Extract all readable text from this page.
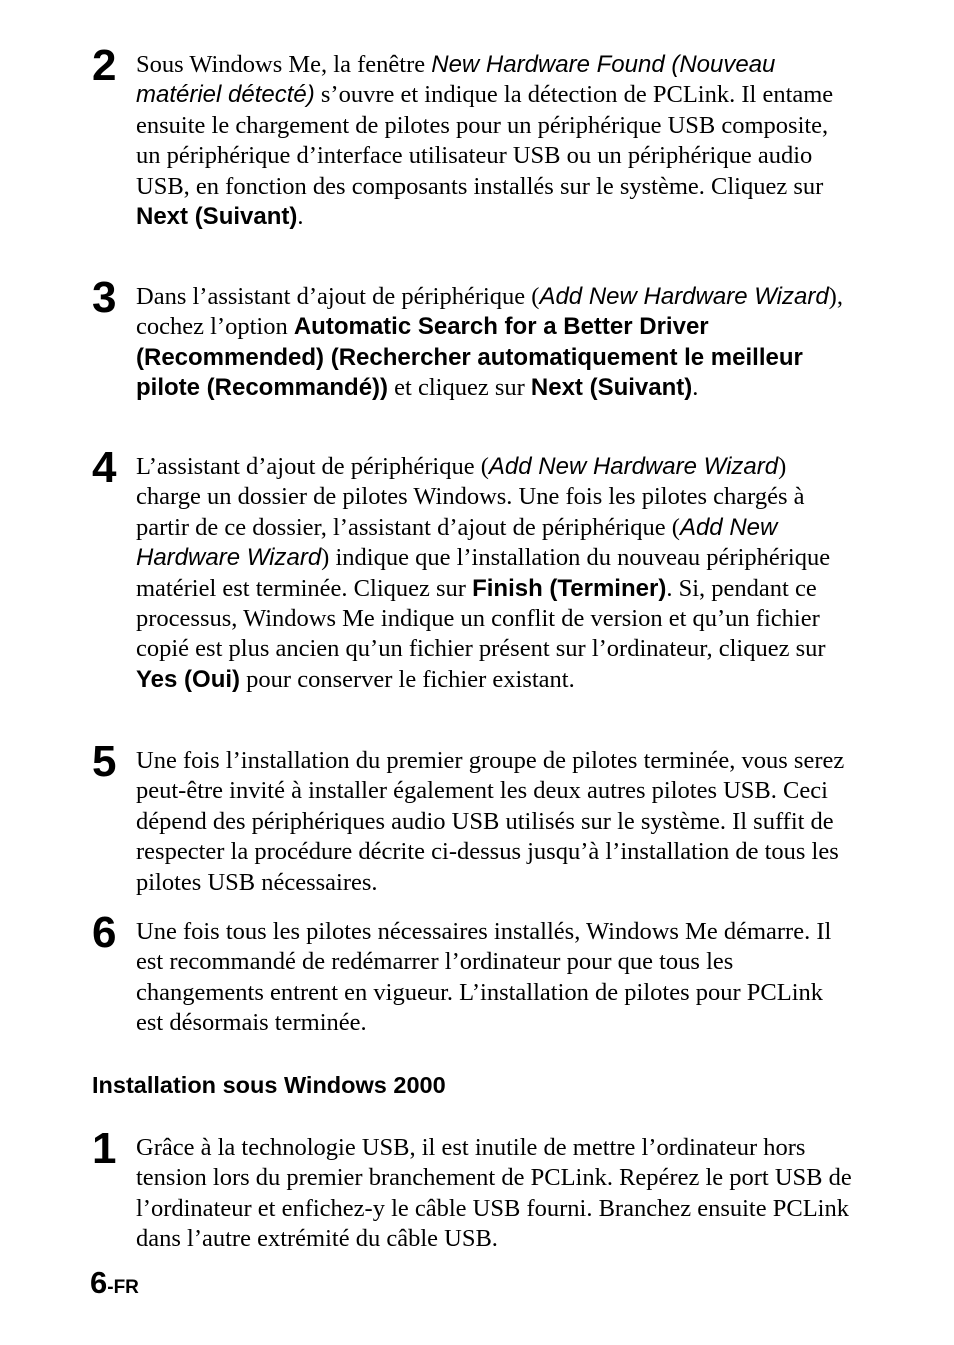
2 Sous Windows Me, la fenêtre New Hardware Found (Nouveau matériel détecté) s’ouvre et indique la détection de PCLink. Il entame ensuite le chargement de pilotes pour un périphérique USB composite, un périphérique d’interface utilisateur USB ou un périphérique audio USB, en fonction des composants installés sur le système. Cliquez sur Next (Suivant).
3 Dans l’assistant d’ajout de périphérique (Add New Hardware Wizard), cochez l’option Automatic Search for a Better Driver (Recommended) (Rechercher automatiquement le meilleur pilote (Recommandé)) et cliquez sur Next (Suivant).
4 L’assistant d’ajout de périphérique (Add New Hardware Wizard) charge un dossier de pilotes Windows. Une fois les pilotes chargés à partir de ce dossier, l’assistant d’ajout de périphérique (Add New Hardware Wizard) indique que l’installation du nouveau périphérique matériel est terminée. Cliquez sur Finish (Terminer). Si, pendant ce processus, Windows Me indique un conflit de version et qu’un fichier copié est plus ancien qu’un fichier présent sur l’ordinateur, cliquez sur Yes (Oui) pour conserver le fichier existant.
5 Une fois l’installation du premier groupe de pilotes terminée, vous serez peut-être invité à installer également les deux autres pilotes USB. Ceci dépend des périphériques audio USB utilisés sur le système. Il suffit de respecter la procédure décrite ci-dessus jusqu’à l’installation de tous les pilotes USB nécessaires.
6 Une fois tous les pilotes nécessaires installés, Windows Me démarre. Il est recommandé de redémarrer l’ordinateur pour que tous les changements entrent en vigueur. L’installation de pilotes pour PCLink est désormais terminée.
Installation sous Windows 2000
1 Grâce à la technologie USB, il est inutile de mettre l’ordinateur hors tension lors du premier branchement de PCLink. Repérez le port USB de l’ordinateur et enfichez-y le câble USB fourni. Branchez ensuite PCLink dans l’autre extrémité du câble USB.
6-FR
